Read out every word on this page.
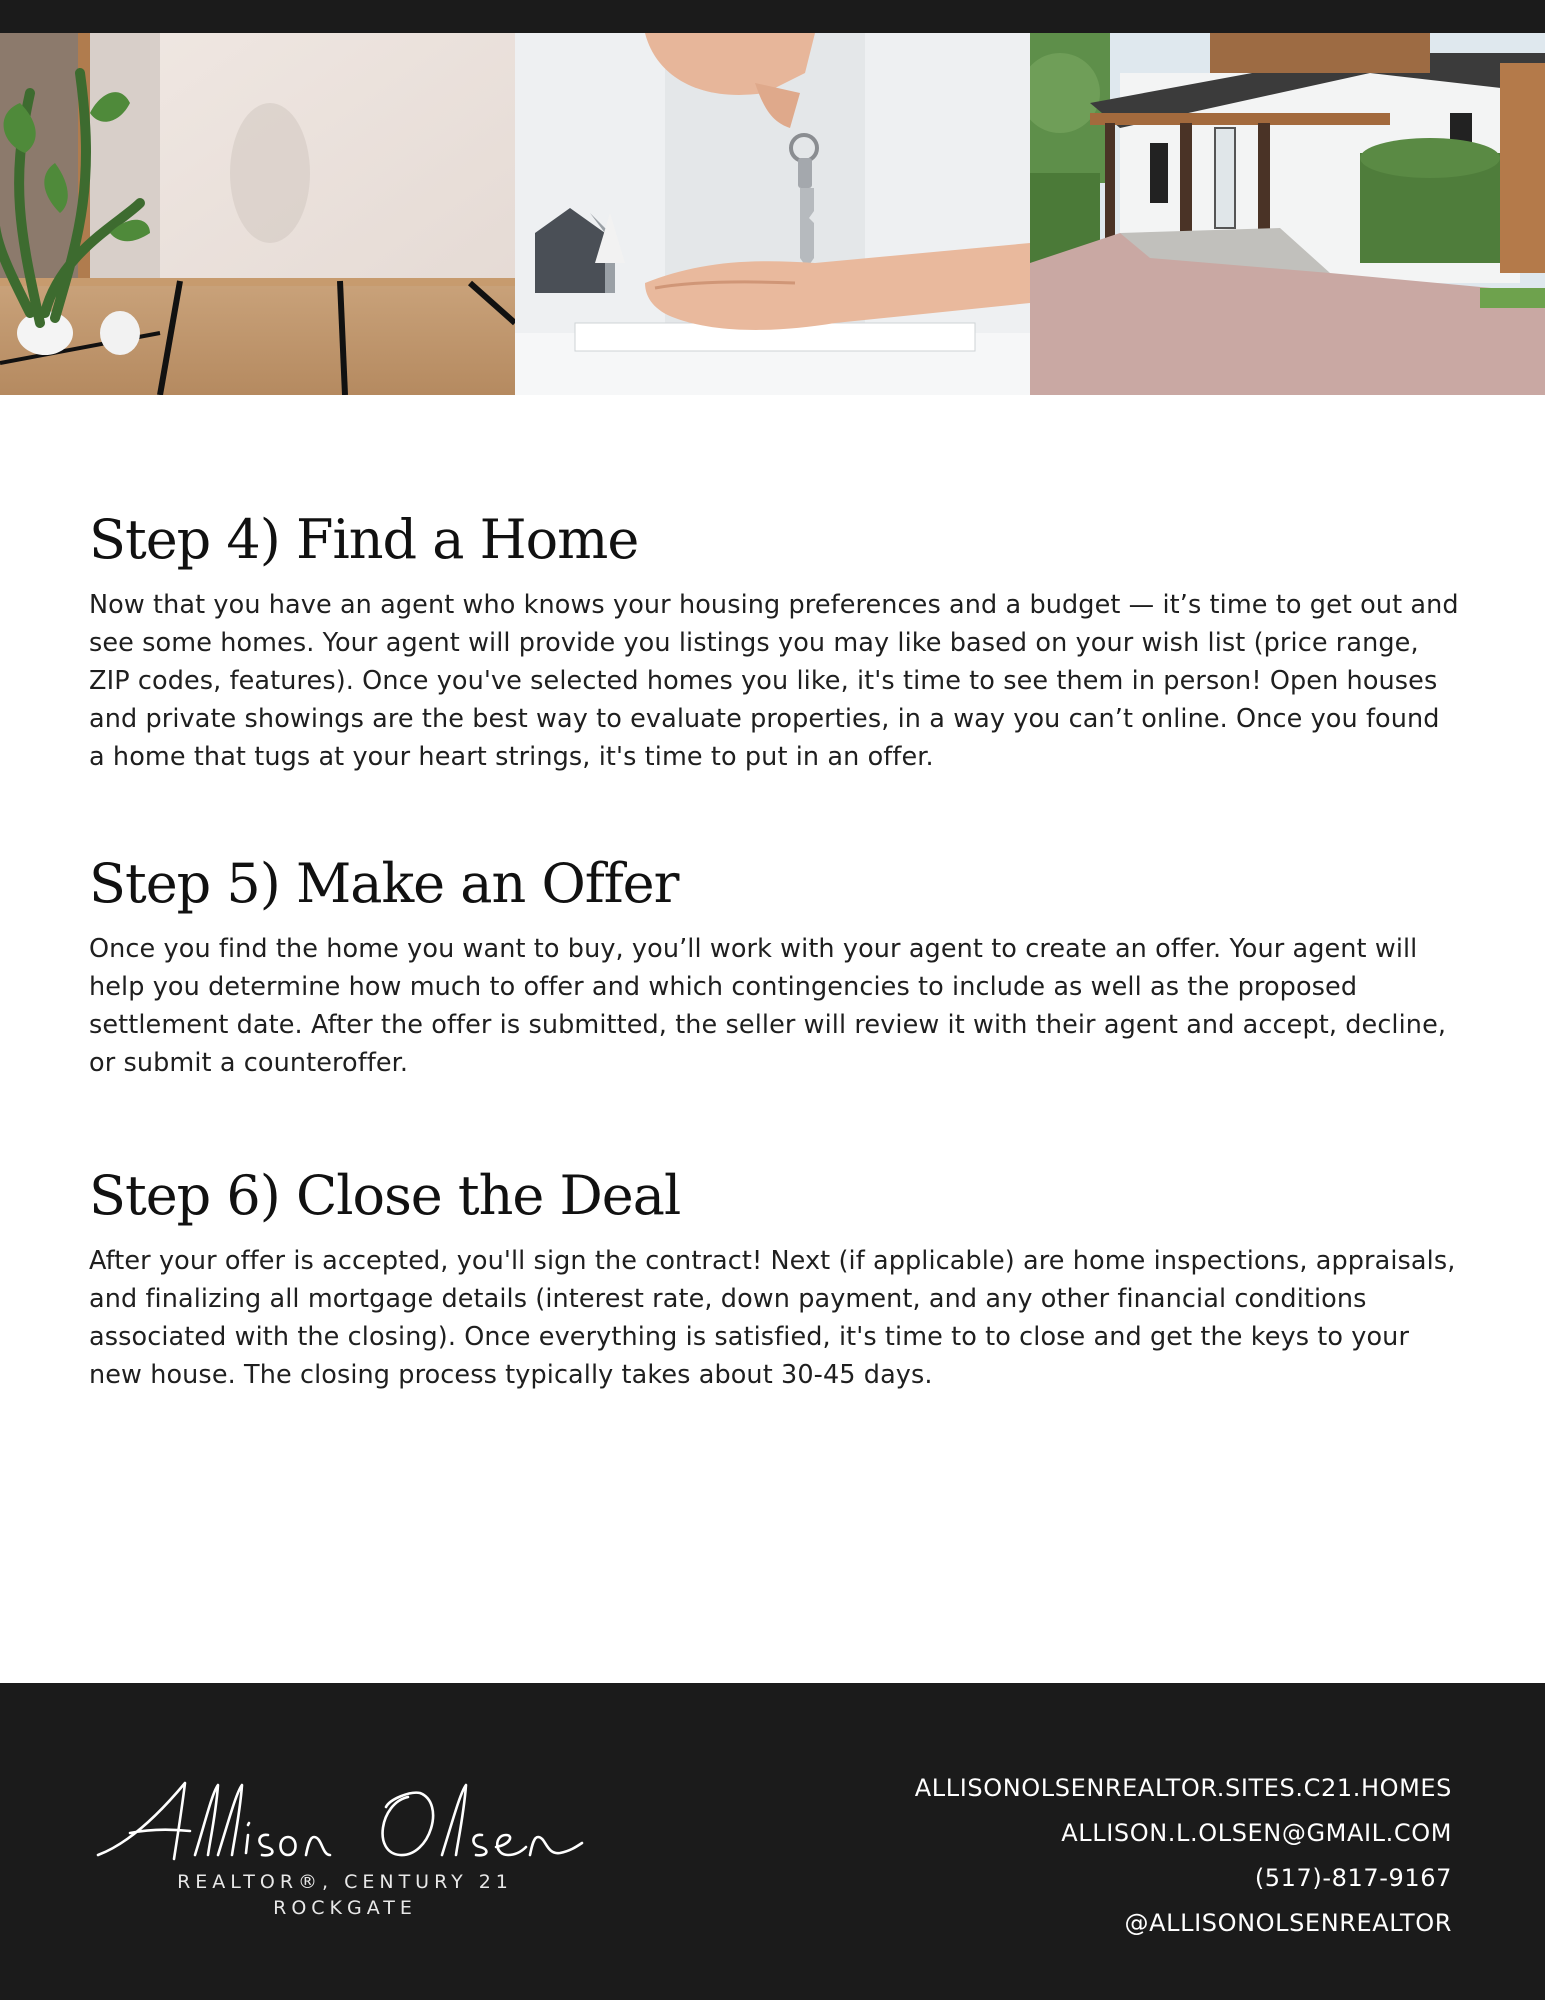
Step 4) Find a Home

Now that you have an agent who knows your housing preferences and a budget — it’s time to get out and see some homes. Your agent will provide you listings you may like based on your wish list (price range, ZIP codes, features). Once you've selected homes you like, it's time to see them in person! Open houses and private showings are the best way to evaluate properties, in a way you can’t online. Once you found a home that tugs at your heart strings, it's time to put in an offer.

Step 5) Make an Offer

Once you find the home you want to buy, you’ll work with your agent to create an offer. Your agent will help you determine how much to offer and which contingencies to include as well as the proposed settlement date. After the offer is submitted, the seller will review it with their agent and accept, decline, or submit a counteroffer.

Step 6) Close the Deal

After your offer is accepted, you'll sign the contract! Next (if applicable) are home inspections, appraisals, and finalizing all mortgage details (interest rate, down payment, and any other financial conditions associated with the closing). Once everything is satisfied, it's time to to close and get the keys to your new house. The closing process typically takes about 30-45 days.

REALTOR®, CENTURY 21 ROCKGATE
ALLISONOLSENREALTOR.SITES.C21.HOMES
ALLISON.L.OLSEN@GMAIL.COM
(517)-817-9167
@ALLISONOLSENREALTOR
